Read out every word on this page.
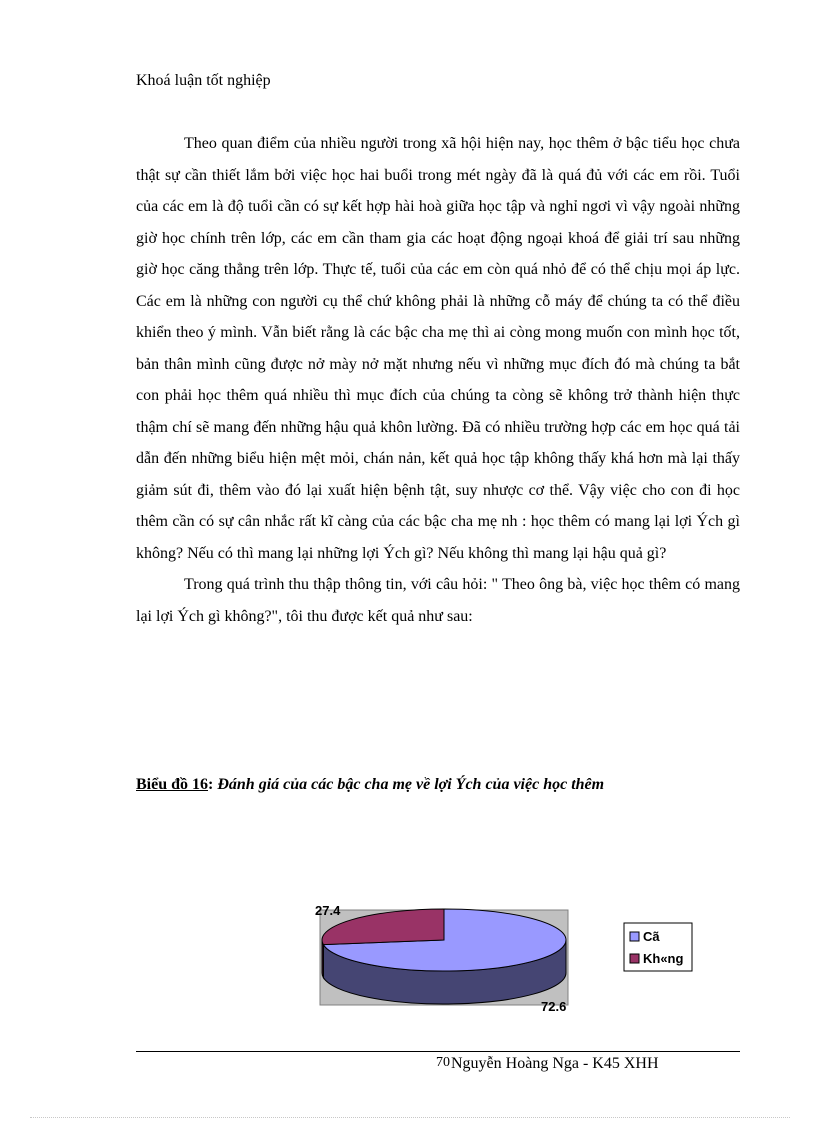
Khoá luận tốt nghiệp

Theo quan điểm của nhiều người trong xã hội hiện nay, học thêm ở bậc tiểu học chưa thật sự cần thiết lắm bởi việc học hai buổi trong mét ngày đã là quá đủ với các em rồi. Tuổi của các em là độ tuổi cần có sự kết hợp hài hoà giữa học tập và nghỉ ngơi vì vậy ngoài những giờ học chính trên lớp, các em cần tham gia các hoạt động ngoại khoá để giải trí sau những giờ học căng thẳng trên lớp. Thực tế, tuổi của các em còn quá nhỏ để có thể chịu mọi áp lực. Các em là những con người cụ thể chứ không phải là những cỗ máy để chúng ta có thể điều khiển theo ý mình. Vẫn biết rằng là các bậc cha mẹ thì ai còng mong muốn con mình học tốt, bản thân mình cũng được nở mày nở mặt nhưng nếu vì những mục đích đó mà chúng ta bắt con phải học thêm quá nhiều thì mục đích của chúng ta còng sẽ không trở thành hiện thực thậm chí sẽ mang đến những hậu quả khôn lường. Đã có nhiều trường hợp các em học quá tải dẫn đến những biểu hiện mệt mỏi, chán nản, kết quả học tập không thấy khá hơn mà lại thấy giảm sút đi, thêm vào đó lại xuất hiện bệnh tật, suy nhược cơ thể. Vậy việc cho con đi học thêm cần có sự cân nhắc rất kĩ càng của các bậc cha mẹ nh : học thêm có mang lại lợi Ých gì không? Nếu có thì mang lại những lợi Ých gì? Nếu không thì mang lại hậu quả gì?

Trong quá trình thu thập thông tin, với câu hỏi: " Theo ông bà, việc học thêm có mang lại lợi Ých gì không?", tôi thu được kết quả như sau:

Biểu đồ 16: Đánh giá của các bậc cha mẹ về lợi Ých của việc học thêm
72.6
27.4
Cã
Kh«ng
70Nguyễn Hoàng Nga - K45 XHH
